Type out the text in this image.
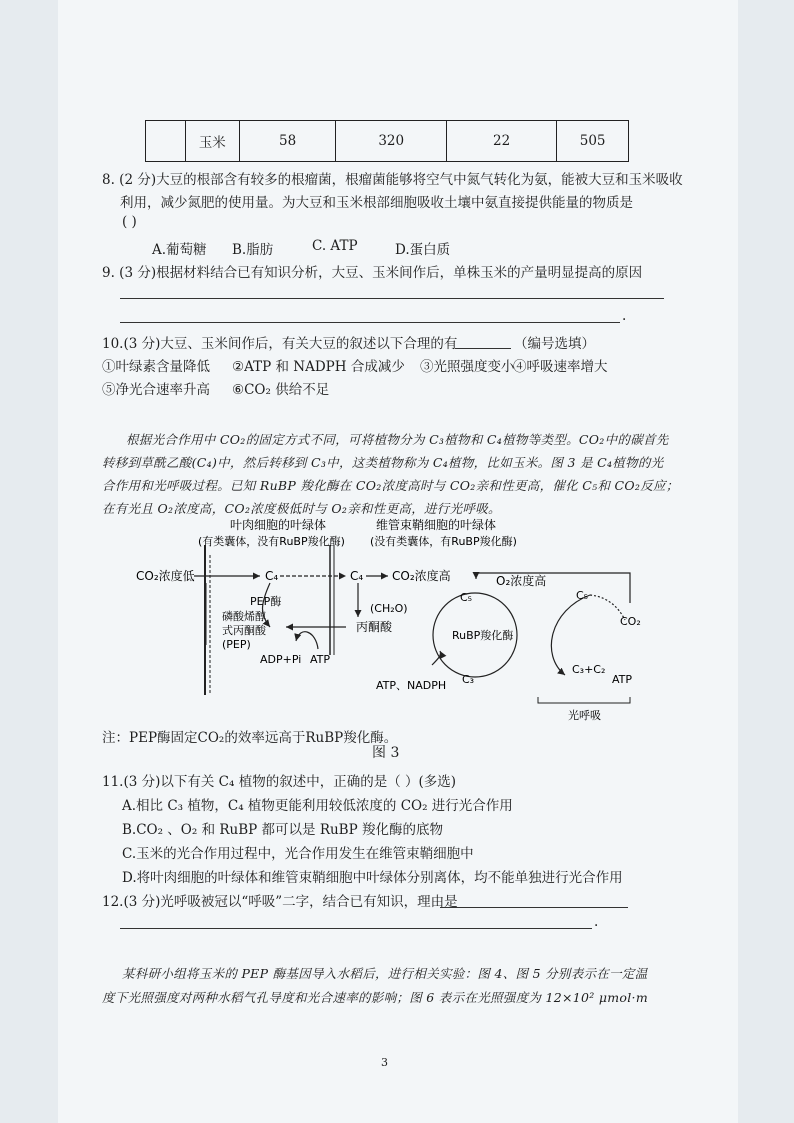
	玉米	58	320	22	505
8. (2 分)大豆的根部含有较多的根瘤菌，根瘤菌能够将空气中氮气转化为氨，能被大豆和玉米吸收
利用，减少氮肥的使用量。为大豆和玉米根部细胞吸收土壤中氨直接提供能量的物质是
( )
A.葡萄糖 B.脂肪	C. ATP	D.蛋白质
9. (3 分)根据材料结合已有知识分析，大豆、玉米间作后，单株玉米的产量明显提高的原因
.
10.(3 分)大豆、玉米间作后，有关大豆的叙述以下合理的有	（编号选填）
①叶绿素含量降低 ②ATP 和 NADPH 合成减少 ③光照强度变小
④呼吸速率增大
⑤净光合速率升高 ⑥CO₂ 供给不足
根据光合作用中 CO₂的固定方式不同，可将植物分为 C₃植物和 C₄植物等类型。CO₂中的碳首先
转移到草酰乙酸(C₄)中，然后转移到 C₃中，这类植物称为 C₄植物，比如玉米。图 3 是 C₄植物的光
合作用和光呼吸过程。已知 RuBP 羧化酶在 CO₂浓度高时与 CO₂亲和性更高，催化 C₅和 CO₂反应；
在有光且 O₂浓度高，CO₂浓度极低时与 O₂亲和性更高，进行光呼吸。
叶肉细胞的叶绿体
(有类囊体，没有RuBP羧化酶)
维管束鞘细胞的叶绿体
(没有类囊体，有RuBP羧化酶)
CO₂浓度低	C₄	C₄ CO₂浓度高	O₂浓度高
PEP酶
磷酸烯醇
式丙酮酸
(PEP)
丙酮酸
ADP+Pi ATP
(CH₂O)
C₅
RuBP羧化酶
C₃
ATP、NADPH
C₅
CO₂
C₃+C₂
ATP
光呼吸
注：PEP酶固定CO₂的效率远高于RuBP羧化酶。
图 3
11.(3 分)以下有关 C₄ 植物的叙述中，正确的是（ ）(多选)
A.相比 C₃ 植物，C₄ 植物更能利用较低浓度的 CO₂ 进行光合作用
B.CO₂ 、O₂ 和 RuBP 都可以是 RuBP 羧化酶的底物
C.玉米的光合作用过程中，光合作用发生在维管束鞘细胞中
D.将叶肉细胞的叶绿体和维管束鞘细胞中叶绿体分别离体，均不能单独进行光合作用
12.(3 分)光呼吸被冠以“呼吸”二字，结合已有知识，理由是
.
某科研小组将玉米的 PEP 酶基因导入水稻后，进行相关实验：图 4、图 5 分别表示在一定温
度下光照强度对两种水稻气孔导度和光合速率的影响；图 6 表示在光照强度为 12×10² μmol·m
3
